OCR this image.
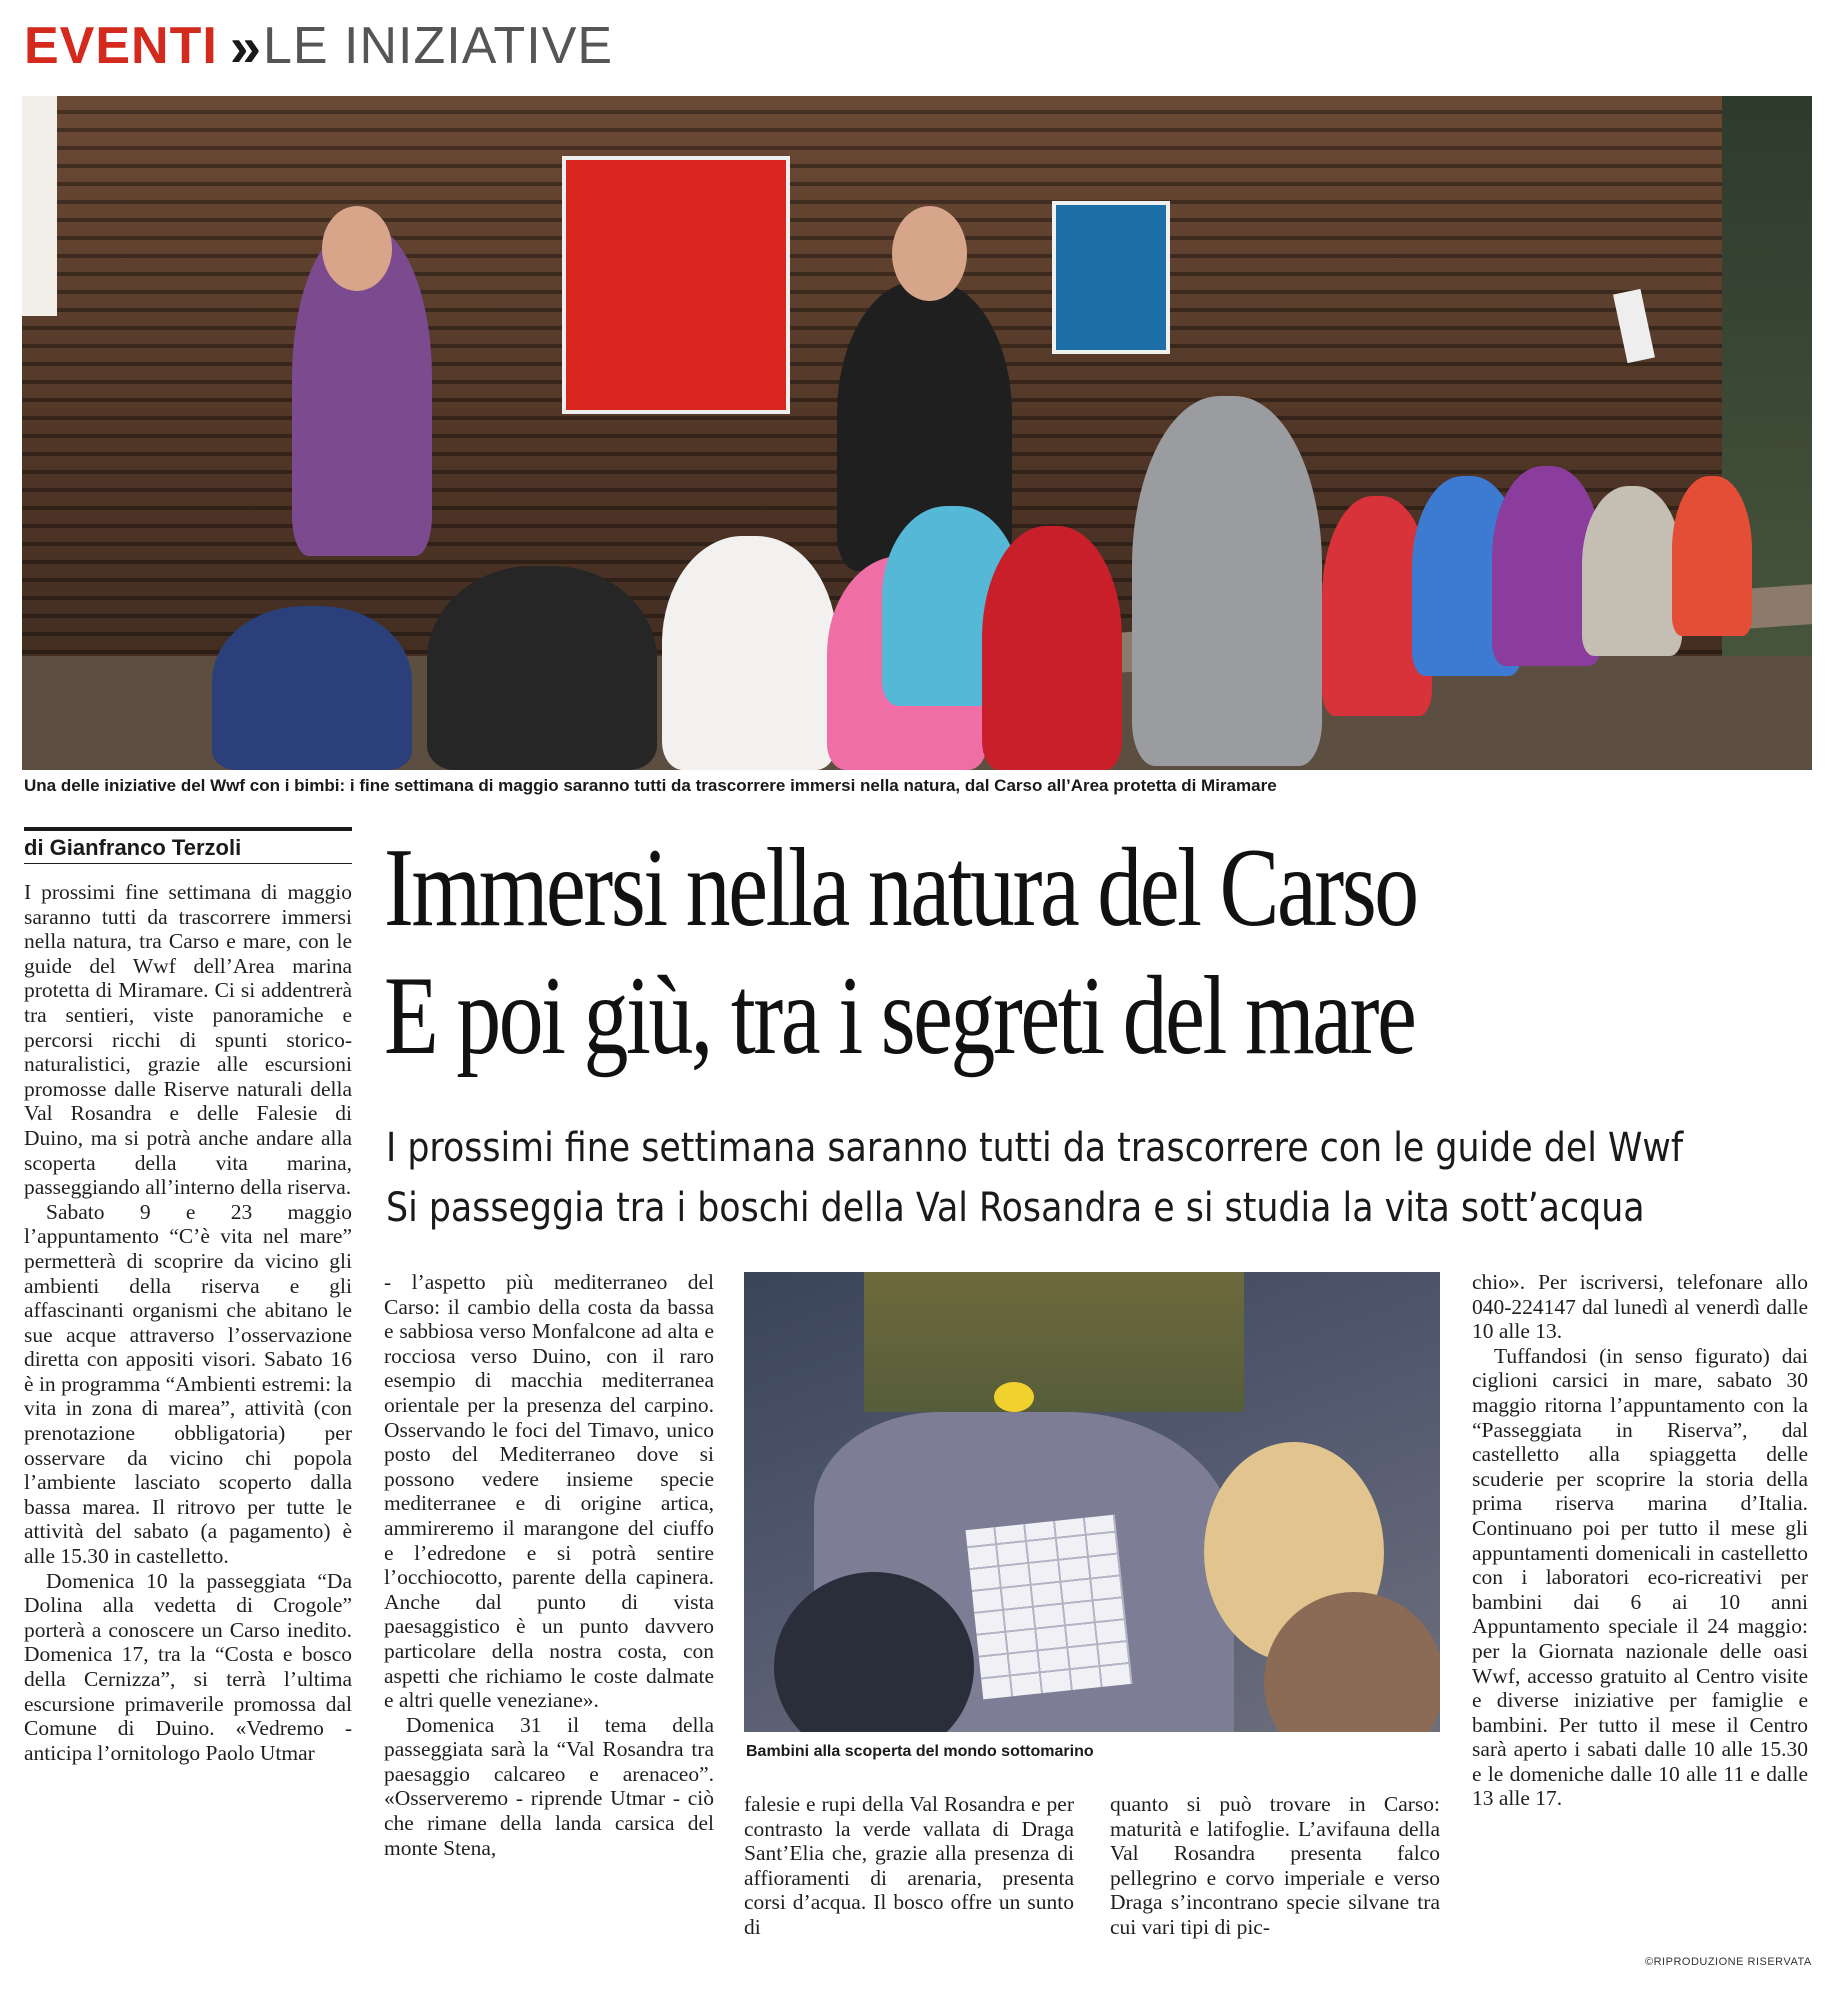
EVENTI » LE INIZIATIVE
Una delle iniziative del Wwf con i bimbi: i fine settimana di maggio saranno tutti da trascorrere immersi nella natura, dal Carso all’Area protetta di Miramare
di Gianfranco Terzoli	Immersi nella natura del Carso
E poi giù, tra i segreti del mare
I prossimi fine settimana saranno tutti da trascorrere con le guide del Wwf
Si passeggia tra i boschi della Val Rosandra e si studia la vita sott’acqua

I prossimi fine settimana di maggio saranno tutti da trascorrere immersi nella natura, tra Carso e mare, con le guide del Wwf dell’Area marina protetta di Miramare. Ci si addentrerà tra sentieri, viste panoramiche e percorsi ricchi di spunti storico-naturalistici, grazie alle escursioni promosse dalle Riserve naturali della Val Rosandra e delle Falesie di Duino, ma si potrà anche andare alla scoperta della vita marina, passeggiando all’interno della riserva.

Sabato 9 e 23 maggio l’appuntamento “C’è vita nel mare” permetterà di scoprire da vicino gli ambienti della riserva e gli affascinanti organismi che abitano le sue acque attraverso l’osservazione diretta con appositi visori. Sabato 16 è in programma “Ambienti estremi: la vita in zona di marea”, attività (con prenotazione obbligatoria) per osservare da vicino chi popola l’ambiente lasciato scoperto dalla bassa marea. Il ritrovo per tutte le attività del sabato (a pagamento) è alle 15.30 in castelletto.

Domenica 10 la passeggiata “Da Dolina alla vedetta di Crogole” porterà a conoscere un Carso inedito. Domenica 17, tra la “Costa e bosco della Cernizza”, si terrà l’ultima escursione primaverile promossa dal Comune di Duino. «Vedremo - anticipa l’ornitologo Paolo Utmar

- l’aspetto più mediterraneo del Carso: il cambio della costa da bassa e sabbiosa verso Monfalcone ad alta e rocciosa verso Duino, con il raro esempio di macchia mediterranea orientale per la presenza del carpino. Osservando le foci del Timavo, unico posto del Mediterraneo dove si possono vedere insieme specie mediterranee e di origine artica, ammireremo il marangone del ciuffo e l’edredone e si potrà sentire l’occhiocotto, parente della capinera. Anche dal punto di vista paesaggistico è un punto davvero particolare della nostra costa, con aspetti che richiamo le coste dalmate e altri quelle veneziane».

Domenica 31 il tema della passeggiata sarà la “Val Rosandra tra paesaggio calcareo e arenaceo”. «Osserveremo - riprende Utmar - ciò che rimane della landa carsica del monte Stena,

Bambini alla scoperta del mondo sottomarino

falesie e rupi della Val Rosandra e per contrasto la verde vallata di Draga Sant’Elia che, grazie alla presenza di affioramenti di arenaria, presenta corsi d’acqua. Il bosco offre un sunto di

quanto si può trovare in Carso: maturità e latifoglie. L’avifauna della Val Rosandra presenta falco pellegrino e corvo imperiale e verso Draga s’incontrano specie silvane tra cui vari tipi di pic-

chio». Per iscriversi, telefonare allo 040-224147 dal lunedì al venerdì dalle 10 alle 13.

Tuffandosi (in senso figurato) dai ciglioni carsici in mare, sabato 30 maggio ritorna l’appuntamento con la “Passeggiata in Riserva”, dal castelletto alla spiaggetta delle scuderie per scoprire la storia della prima riserva marina d’Italia. Continuano poi per tutto il mese gli appuntamenti domenicali in castelletto con i laboratori eco-ricreativi per bambini dai 6 ai 10 anni Appuntamento speciale il 24 maggio: per la Giornata nazionale delle oasi Wwf, accesso gratuito al Centro visite e diverse iniziative per famiglie e bambini. Per tutto il mese il Centro sarà aperto i sabati dalle 10 alle 15.30 e le domeniche dalle 10 alle 11 e dalle 13 alle 17.

©RIPRODUZIONE RISERVATA
